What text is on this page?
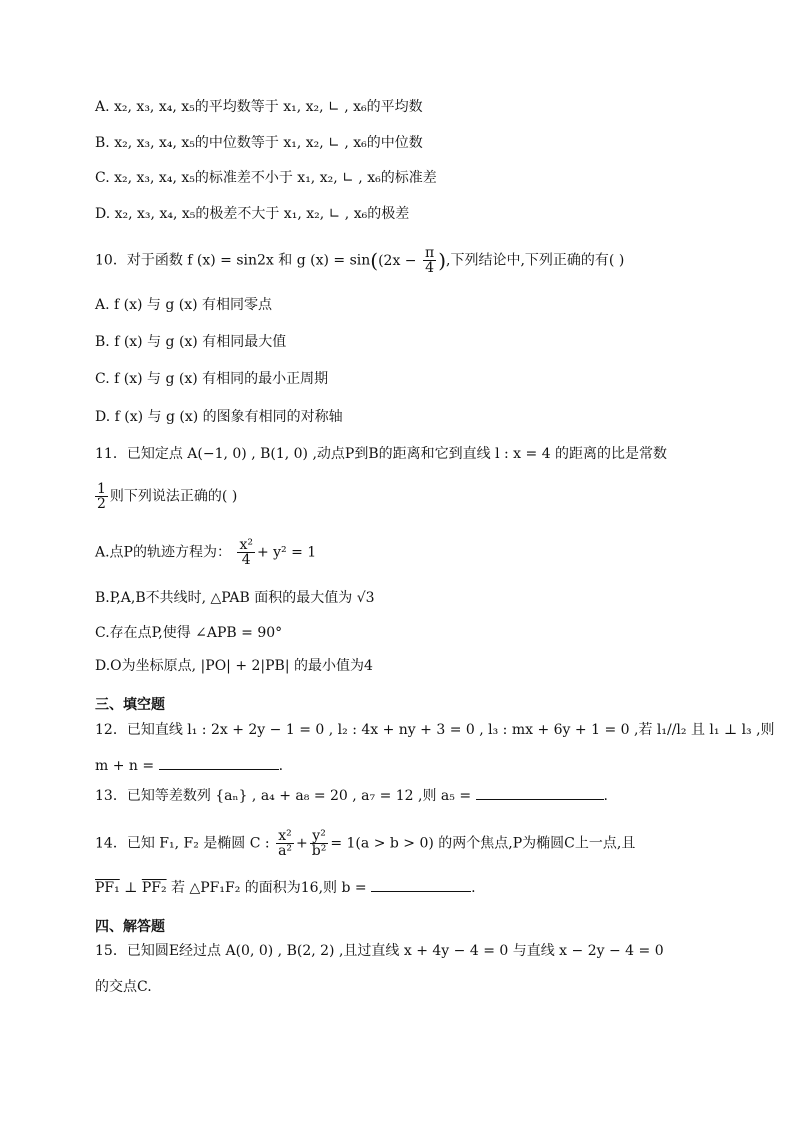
A. x₂, x₃, x₄, x₅的平均数等于 x₁, x₂, ∟ , x₆的平均数
B. x₂, x₃, x₄, x₅的中位数等于 x₁, x₂, ∟ , x₆的中位数
C. x₂, x₃, x₄, x₅的标准差不小于 x₁, x₂, ∟ , x₆的标准差
D. x₂, x₃, x₄, x₅的极差不大于 x₁, x₂, ∟ , x₆的极差
10．对于函数 f (x) = sin2x 和 g $(x) = \sin((2x - \frac{\pi}{4}$ ),下列结论中,下列正确的有( )
A. f (x) 与 g (x) 有相同零点
B. f (x) 与 g (x) 有相同最大值
C. f (x) 与 g (x) 有相同的最小正周期
D. f (x) 与 g (x) 的图象有相同的对称轴
11．已知定点 A(−1, 0) , B(1, 0) ,动点P到B的距离和它到直线 l : x = 4 的距离的比是常数
$\frac{1}{2}$ 则下列说法正确的( )
A.点P的轨迹方程为： $\frac{\text{x²}}{4} + y^2 = 1$
B.P,A,B不共线时, △PAB 面积的最大值为 √3
C.存在点P,使得 ∠APB = 90°
D.O为坐标原点, |PO| + 2|PB| 的最小值为4
三、填空题
12．已知直线 l₁ : 2x + 2y − 1 = 0 , l₂ : 4x + ny + 3 = 0 , l₃ : mx + 6y + 1 = 0 ,若 l₁//l₂ 且 l₁ ⊥ l₃ ,则
m + n =	.
13．已知等差数列 {aₙ} , a₄ + a₈ = 20 , a₇ = 12 ,则 a₅ =	.
14．已知 F₁, F₂ 是椭圆 C : $\frac{\text{x²}}{\text{a²}} + \frac{\text{y²}}{\text{b²}} = 1(a > b > 0)$ 的两个焦点,P为椭圆C上一点,且
PF₁ ⊥ PF₂ 若 △PF₁F₂ 的面积为16,则 b =	.
四、解答题
15．已知圆E经过点 A(0, 0) , B(2, 2) ,且过直线 x + 4y − 4 = 0 与直线 x − 2y − 4 = 0
的交点C.
